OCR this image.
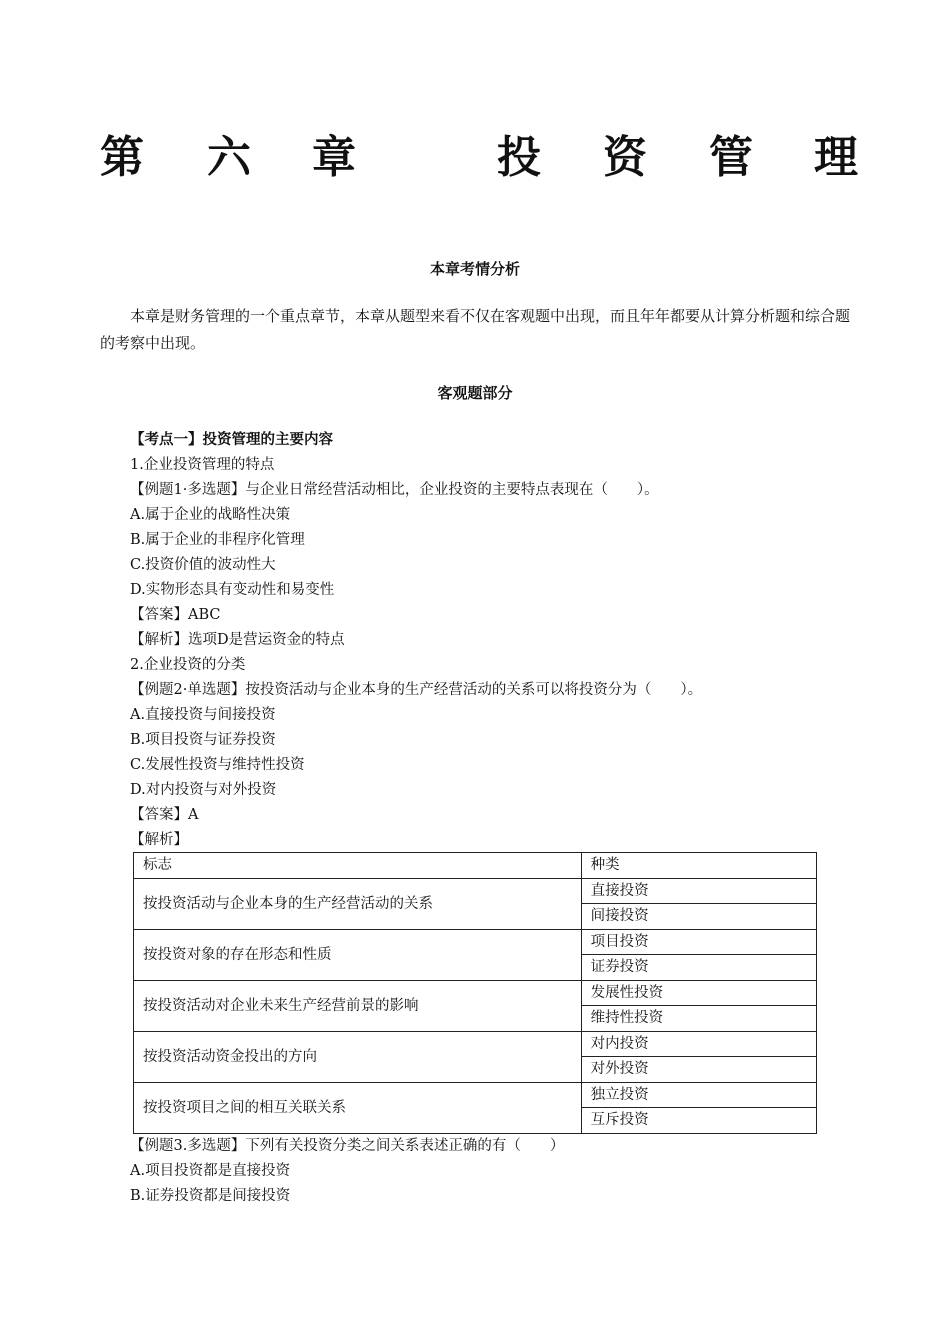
第 六 章	投 资 管 理
本章考情分析
本章是财务管理的一个重点章节，本章从题型来看不仅在客观题中出现，而且年年都要从计算分析题和综合题的考察中出现。
客观题部分
【考点一】投资管理的主要内容
1.企业投资管理的特点
【例题1·多选题】与企业日常经营活动相比，企业投资的主要特点表现在（　　）。
A.属于企业的战略性决策
B.属于企业的非程序化管理
C.投资价值的波动性大
D.实物形态具有变动性和易变性
【答案】ABC
【解析】选项D是营运资金的特点
2.企业投资的分类
【例题2·单选题】按投资活动与企业本身的生产经营活动的关系可以将投资分为（　　）。
A.直接投资与间接投资
B.项目投资与证券投资
C.发展性投资与维持性投资
D.对内投资与对外投资
【答案】A
【解析】
标志	种类
按投资活动与企业本身的生产经营活动的关系	直接投资
	间接投资
按投资对象的存在形态和性质	项目投资
	证券投资
按投资活动对企业未来生产经营前景的影响	发展性投资
	维持性投资
按投资活动资金投出的方向	对内投资
	对外投资
按投资项目之间的相互关联关系	独立投资
	互斥投资
【例题3.多选题】下列有关投资分类之间关系表述正确的有（　　）
A.项目投资都是直接投资
B.证券投资都是间接投资
